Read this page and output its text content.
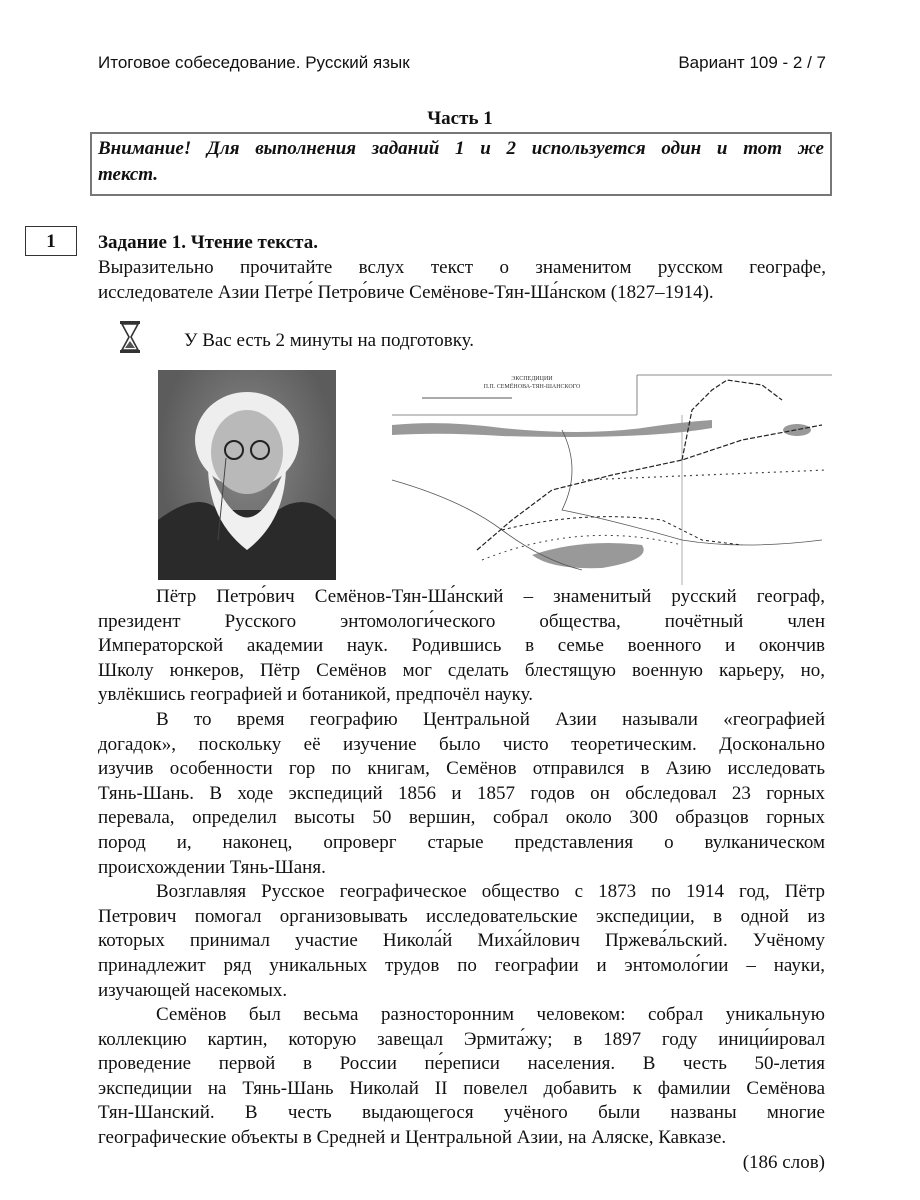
Итоговое собеседование. Русский язык	Вариант 109 - 2 / 7
Часть 1
Внимание! Для выполнения заданий 1 и 2 используется один и тот же
текст.
1	Задание 1. Чтение текста.
Выразительно прочитайте вслух текст о знаменитом русском географе,
исследователе Азии Петре́ Петро́виче Семёнове-Тян-Ша́нском (1827–1914).
У Вас есть 2 минуты на подготовку.
ЭКСПЕДИЦИИ
П.П. СЕМЁНОВА-ТЯН-ШАНСКОГО
Пётр Петро́вич Семёнов-Тян-Ша́нский – знаменитый русский географ,
президент Русского энтомологи́ческого общества, почётный член
Императорской академии наук. Родившись в семье военного и окончив
Школу юнкеров, Пётр Семёнов мог сделать блестящую военную карьеру, но,
увлёкшись географией и ботаникой, предпочёл науку.
В то время географию Центральной Азии называли «географией
догадок», поскольку её изучение было чисто теоретическим. Досконально
изучив особенности гор по книгам, Семёнов отправился в Азию исследовать
Тянь-Шань. В ходе экспедиций 1856 и 1857 годов он обследовал 23 горных
перевала, определил высоты 50 вершин, собрал около 300 образцов горных
пород и, наконец, опроверг старые представления о вулканическом
происхождении Тянь-Шаня.
Возглавляя Русское географическое общество с 1873 по 1914 год, Пётр
Петрович помогал организовывать исследовательские экспедиции, в одной из
которых принимал участие Никола́й Миха́йлович Пржева́льский. Учёному
принадлежит ряд уникальных трудов по географии и энтомоло́гии – науки,
изучающей насекомых.
Семёнов был весьма разносторонним человеком: собрал уникальную
коллекцию картин, которую завещал Эрмита́жу; в 1897 году иници́ировал
проведение первой в России пе́реписи населения. В честь 50-летия
экспедиции на Тянь-Шань Николай II повелел добавить к фамилии Семёнова
Тян-Шанский. В честь выдающегося учёного были названы многие
географические объекты в Средней и Центральной Азии, на Аляске, Кавказе.
(186 слов)
